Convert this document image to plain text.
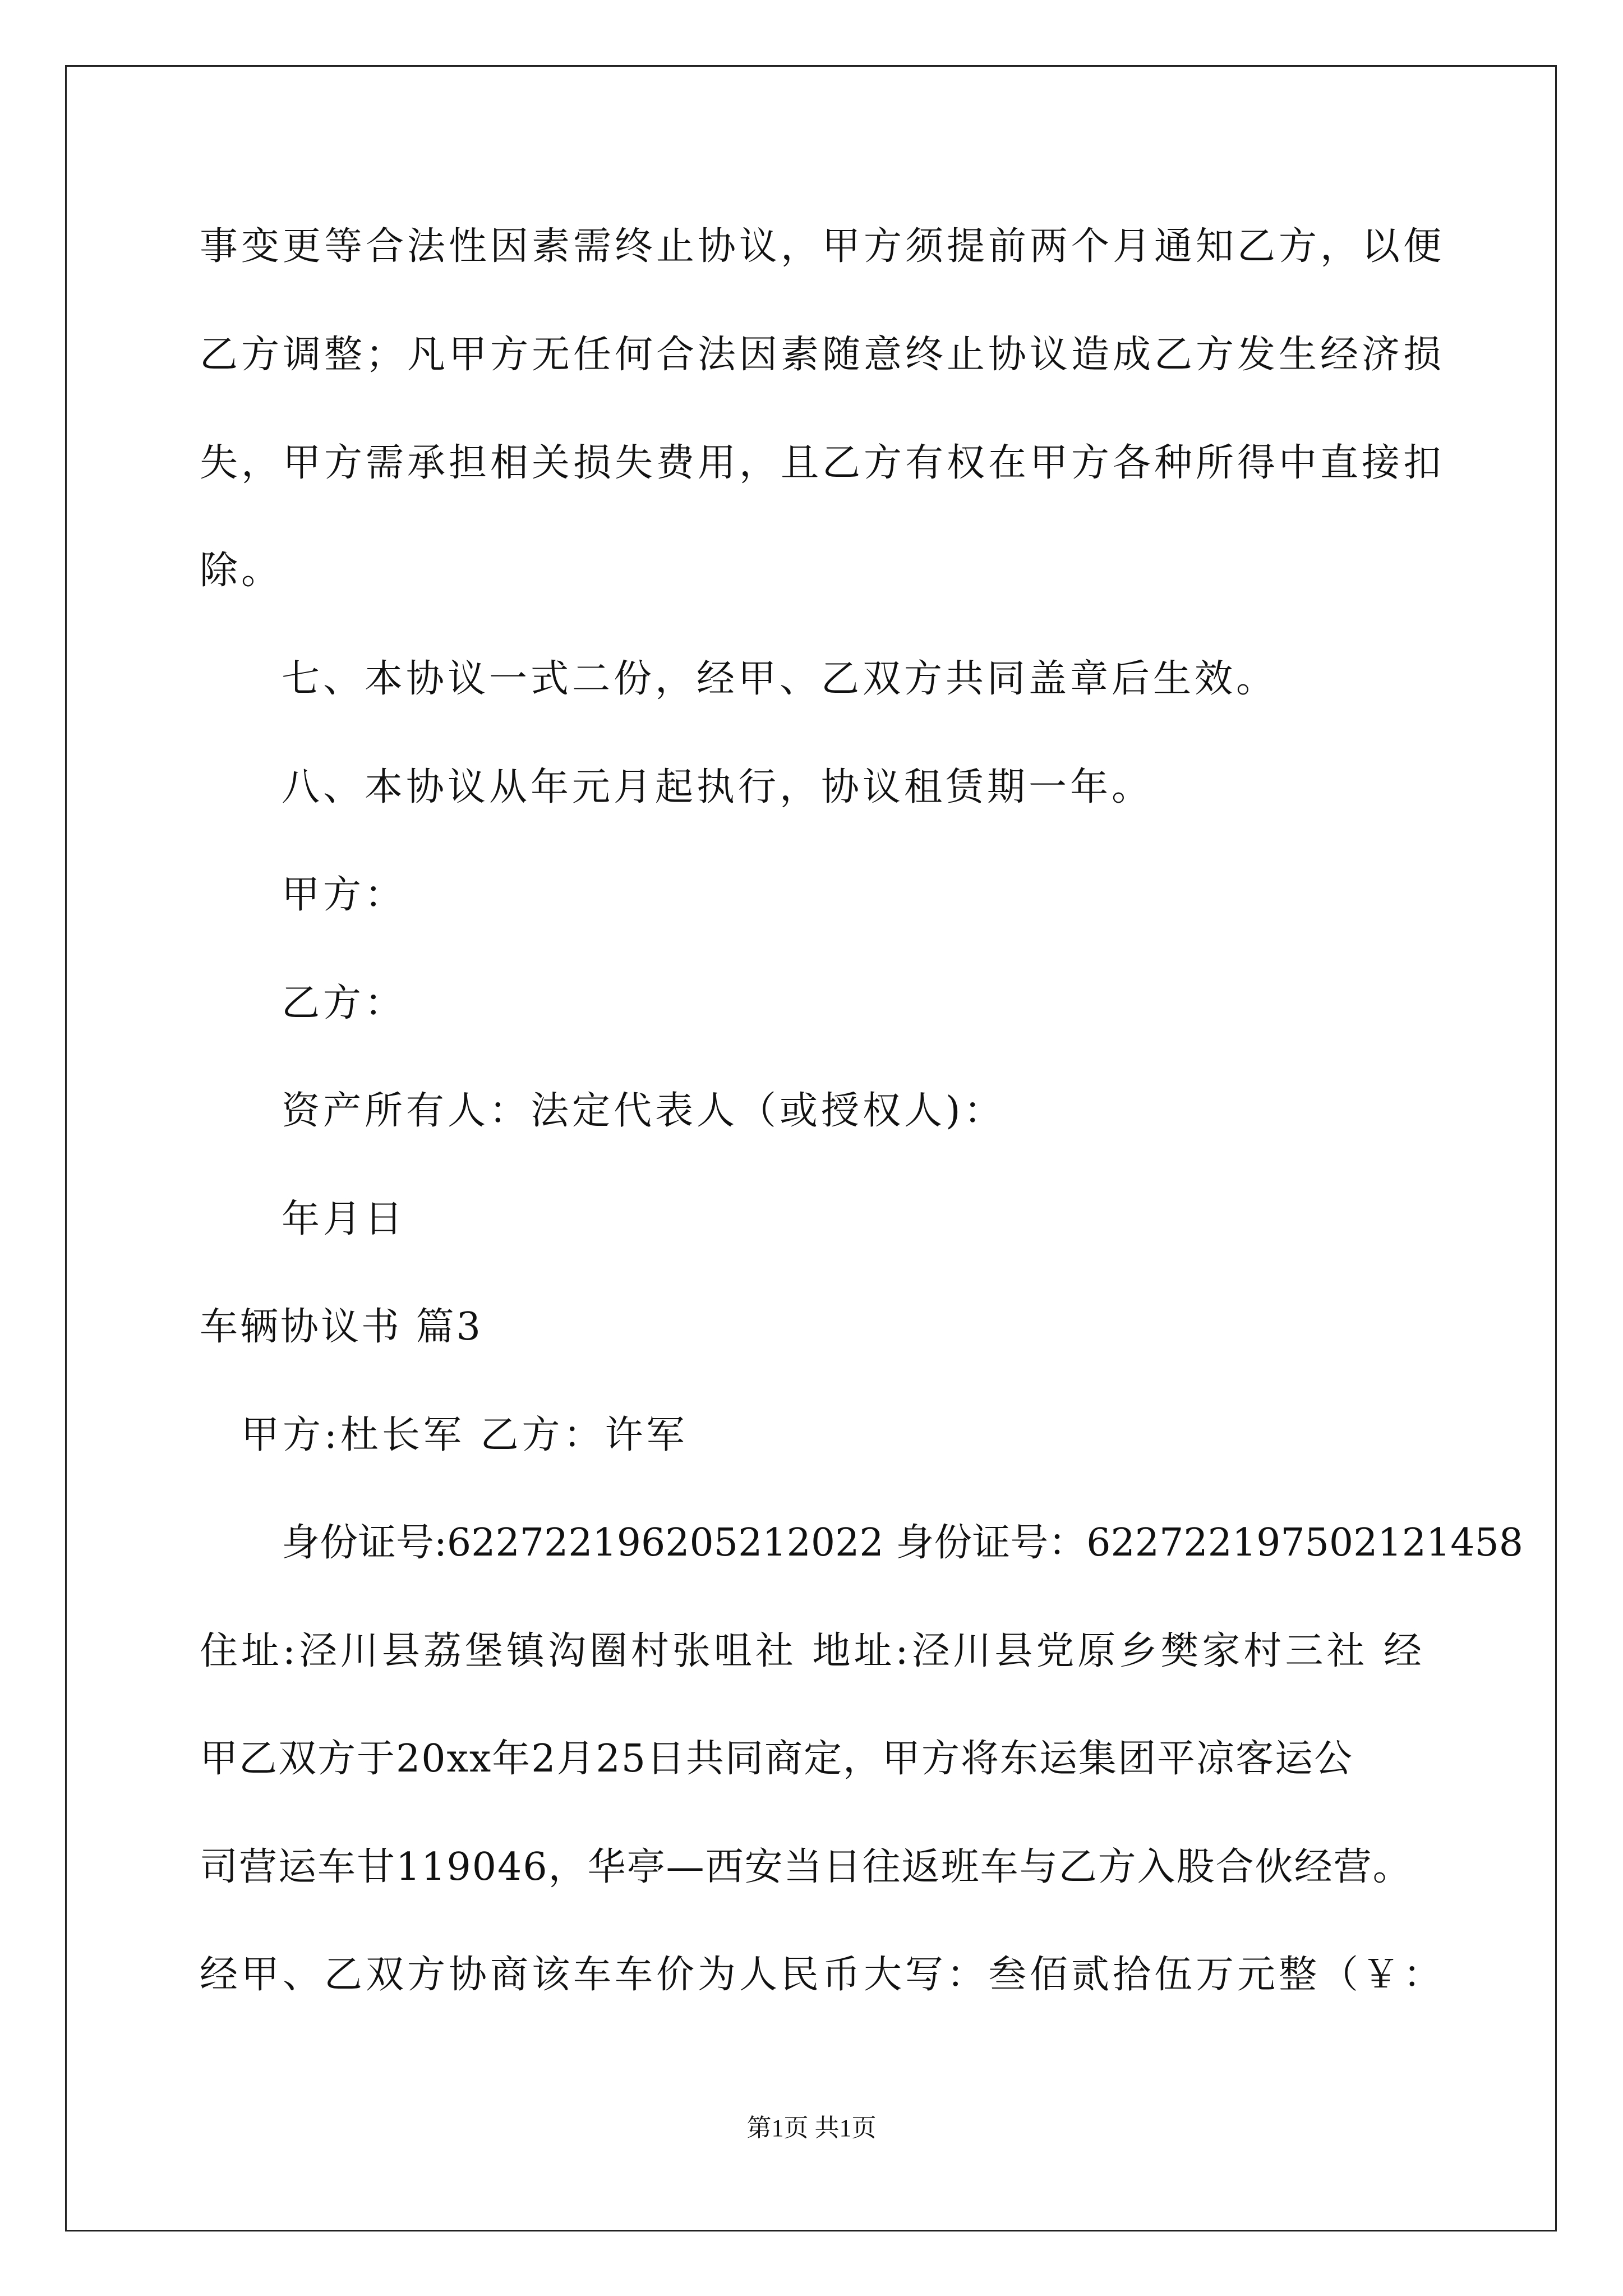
事变更等合法性因素需终止协议，甲方须提前两个月通知乙方，以便
乙方调整；凡甲方无任何合法因素随意终止协议造成乙方发生经济损
失，甲方需承担相关损失费用，且乙方有权在甲方各种所得中直接扣
除。
七、本协议一式二份，经甲、乙双方共同盖章后生效。
八、本协议从年元月起执行，协议租赁期一年。
甲方：
乙方：
资产所有人：法定代表人（或授权人)：
年月日
车辆协议书 篇3
甲方:杜长军 乙方：许军
身份证号:622722196205212022 身份证号：622722197502121458
住址:泾川县荔堡镇沟圈村张咀社 地址:泾川县党原乡樊家村三社 经
甲乙双方于20xx年2月25日共同商定，甲方将东运集团平凉客运公
司营运车甘119046，华亭—西安当日往返班车与乙方入股合伙经营。
经甲、乙双方协商该车车价为人民币大写：叁佰贰拾伍万元整（￥：
第1页 共1页
